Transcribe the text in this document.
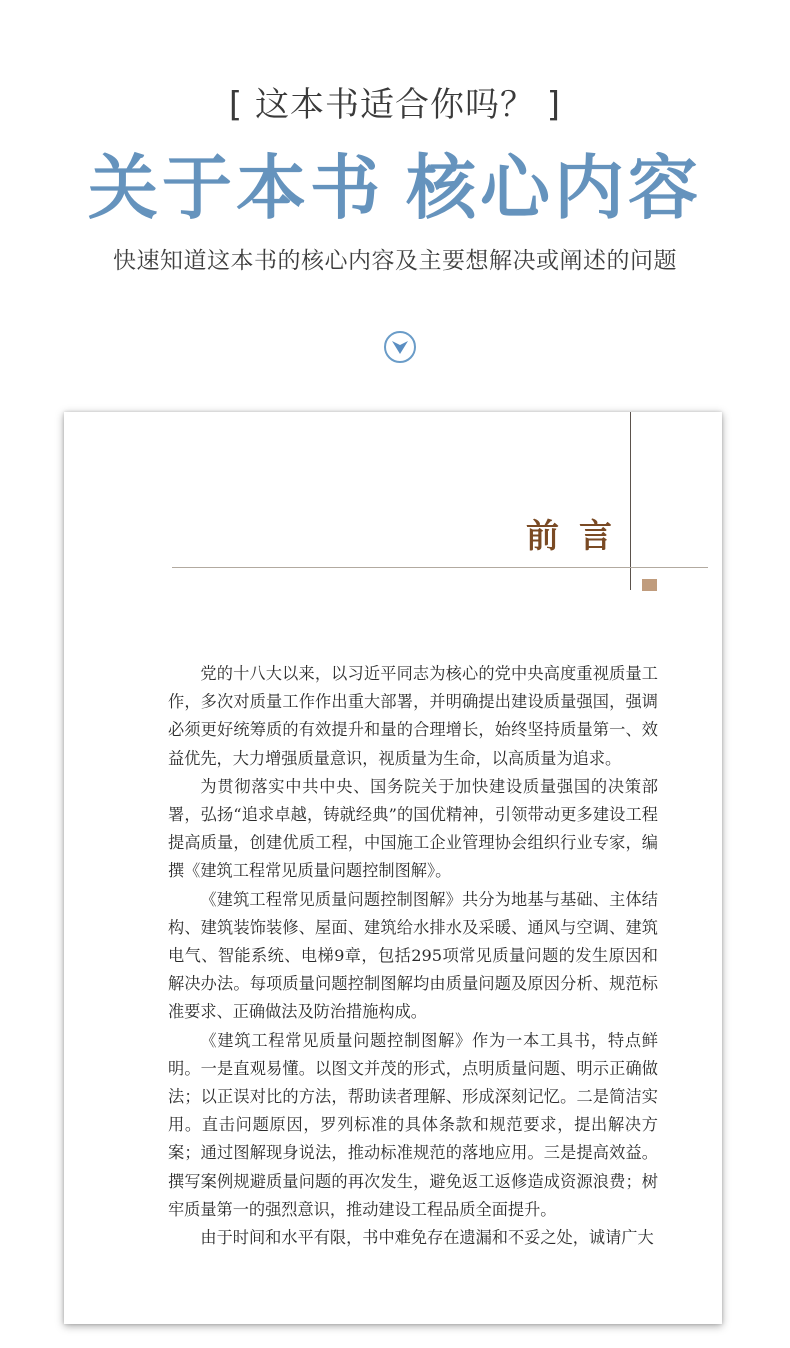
[ 这本书适合你吗？ ]
关于本书 核心内容
快速知道这本书的核心内容及主要想解决或阐述的问题
前言

党的十八大以来，以习近平同志为核心的党中央高度重视质量工作，多次对质量工作作出重大部署，并明确提出建设质量强国，强调必须更好统筹质的有效提升和量的合理增长，始终坚持质量第一、效益优先，大力增强质量意识，视质量为生命，以高质量为追求。

为贯彻落实中共中央、国务院关于加快建设质量强国的决策部署，弘扬“追求卓越，铸就经典”的国优精神，引领带动更多建设工程提高质量，创建优质工程，中国施工企业管理协会组织行业专家，编撰《建筑工程常见质量问题控制图解》。

《建筑工程常见质量问题控制图解》共分为地基与基础、主体结构、建筑装饰装修、屋面、建筑给水排水及采暖、通风与空调、建筑电气、智能系统、电梯9章，包括295项常见质量问题的发生原因和解决办法。每项质量问题控制图解均由质量问题及原因分析、规范标准要求、正确做法及防治措施构成。

《建筑工程常见质量问题控制图解》作为一本工具书，特点鲜明。一是直观易懂。以图文并茂的形式，点明质量问题、明示正确做法；以正误对比的方法，帮助读者理解、形成深刻记忆。二是简洁实用。直击问题原因，罗列标准的具体条款和规范要求，提出解决方案；通过图解现身说法，推动标准规范的落地应用。三是提高效益。撰写案例规避质量问题的再次发生，避免返工返修造成资源浪费；树牢质量第一的强烈意识，推动建设工程品质全面提升。

由于时间和水平有限，书中难免存在遗漏和不妥之处，诚请广大
